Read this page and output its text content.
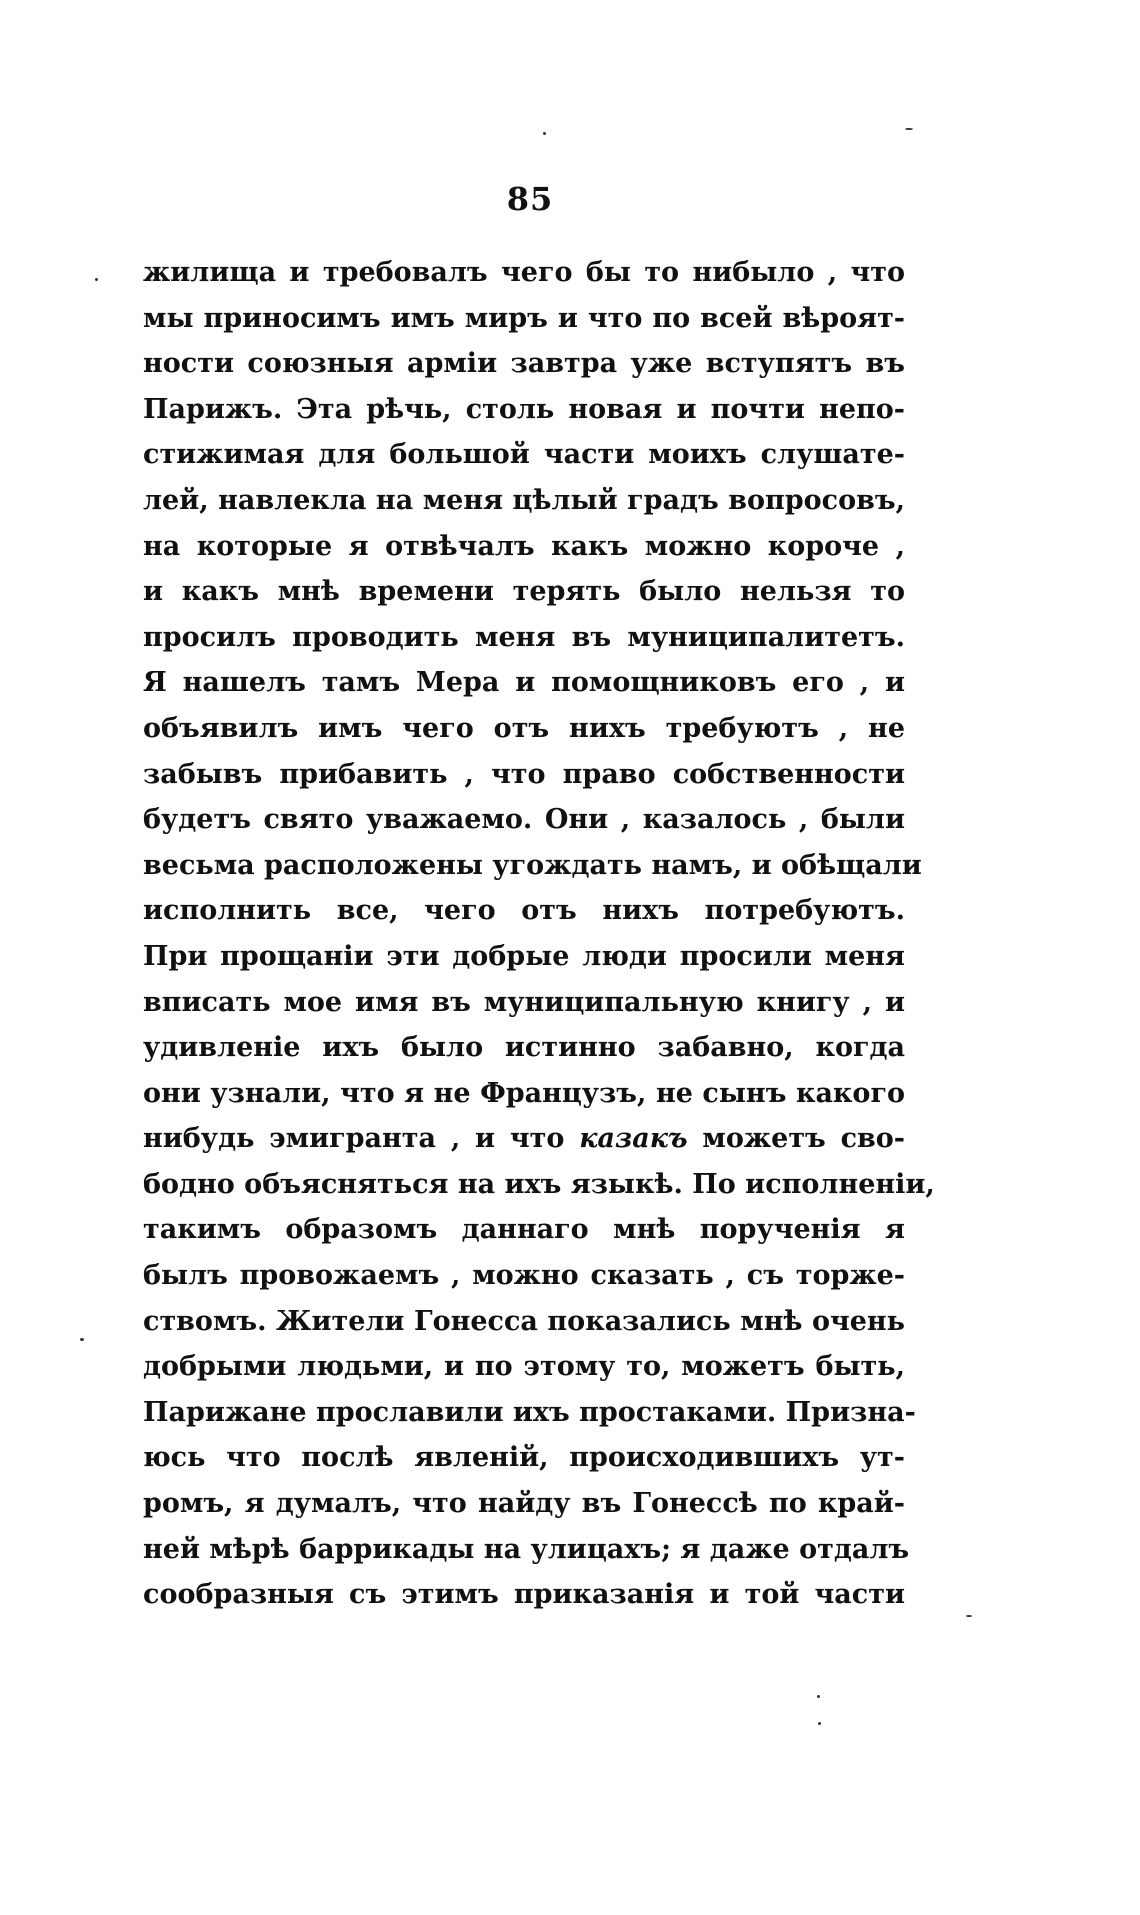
85
жилища и требовалъ чего бы то нибыло , что
мы приносимъ имъ миръ и что по всей вѣроят-
ности союзныя арміи завтра уже вступятъ въ
Парижъ. Эта рѣчь, столь новая и почти непо-
стижимая для большой части моихъ слушате-
лей, навлекла на меня цѣлый градъ вопросовъ,
на которые я отвѣчалъ какъ можно короче ,
и какъ мнѣ времени терять было нельзя то
просилъ проводить меня въ муниципалитетъ.
Я нашелъ тамъ Мера и помощниковъ его , и
объявилъ имъ чего отъ нихъ требуютъ , не
забывъ прибавить , что право собственности
будетъ свято уважаемо. Они , казалось , были
весьма расположены угождать намъ, и обѣщали
исполнить все, чего отъ нихъ потребуютъ.
При прощаніи эти добрые люди просили меня
вписать мое имя въ муниципальную книгу , и
удивленіе ихъ было истинно забавно, когда
они узнали, что я не Французъ, не сынъ какого
нибудь эмигранта , и что казакъ можетъ сво-
бодно объясняться на ихъ языкѣ. По исполненіи,
такимъ образомъ даннаго мнѣ порученія я
былъ провожаемъ , можно сказать , съ торже-
ствомъ. Жители Гонесса показались мнѣ очень
добрыми людьми, и по этому то, можетъ быть,
Парижане прославили ихъ простаками. Призна-
юсь что послѣ явленій, происходившихъ ут-
ромъ, я думалъ, что найду въ Гонессѣ по край-
ней мѣрѣ баррикады на улицахъ; я даже отдалъ
сообразныя съ этимъ приказанія и той части
